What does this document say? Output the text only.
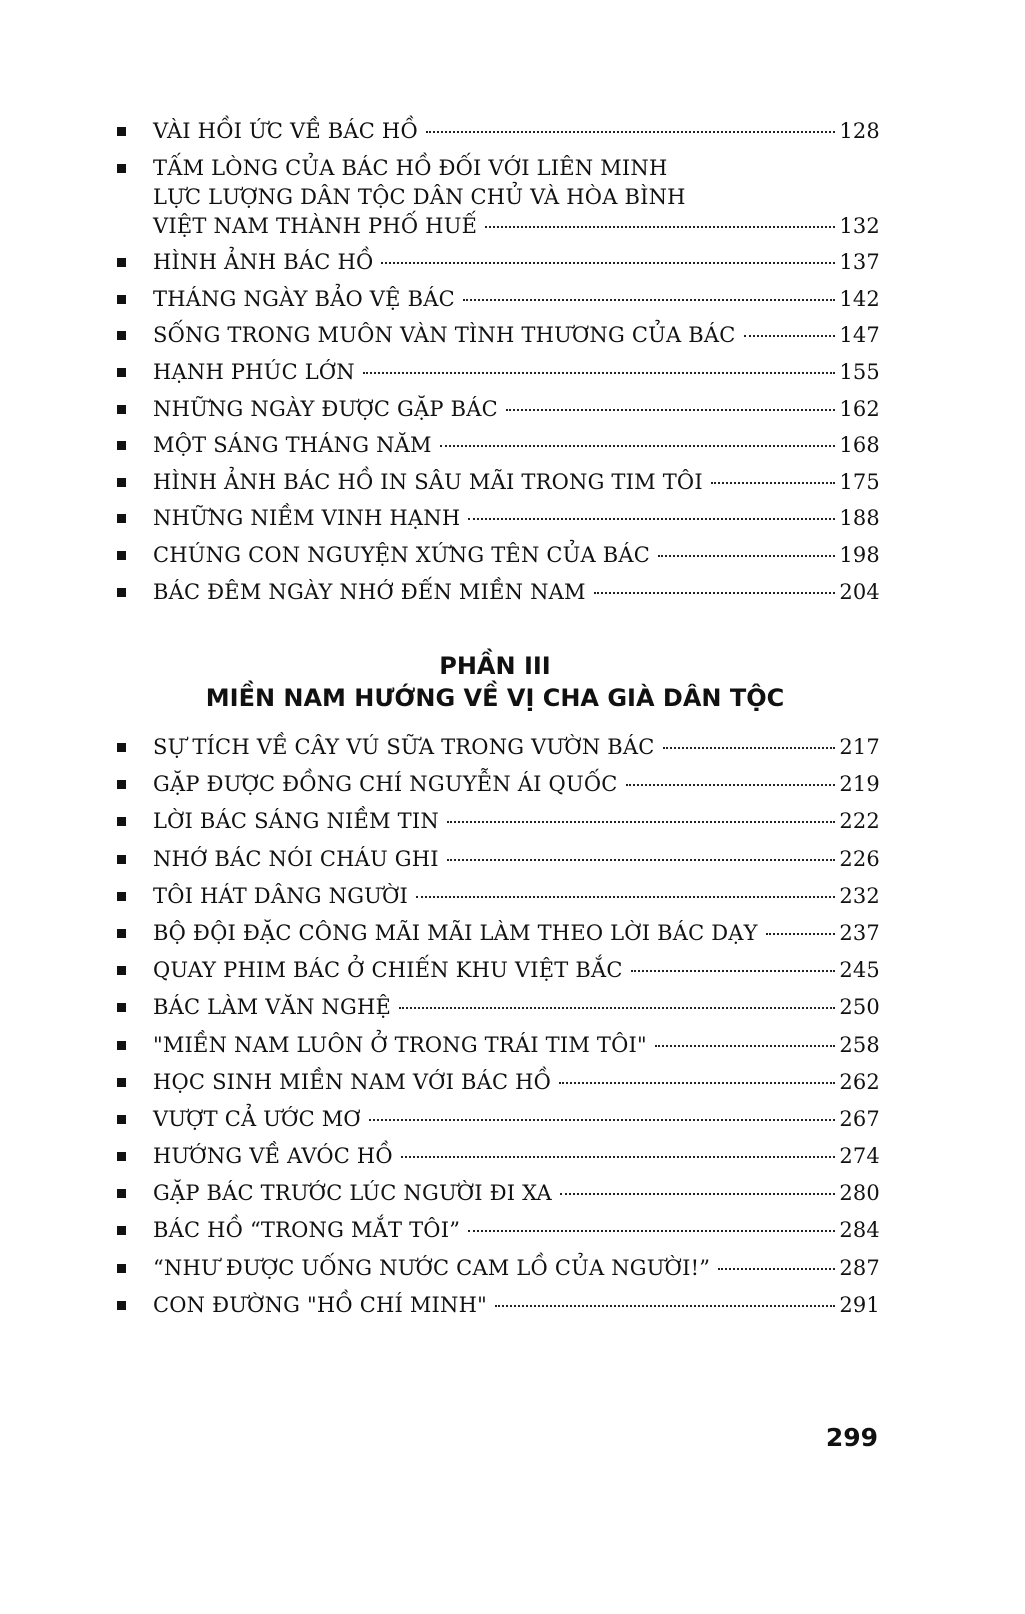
VÀI HỒI ỨC VỀ BÁC HỒ	128
TẤM LÒNG CỦA BÁC HỒ ĐỐI VỚI LIÊN MINH
LỰC LƯỢNG DÂN TỘC DÂN CHỦ VÀ HÒA BÌNH
VIỆT NAM THÀNH PHỐ HUẾ	132
HÌNH ẢNH BÁC HỒ	137
THÁNG NGÀY BẢO VỆ BÁC	142
SỐNG TRONG MUÔN VÀN TÌNH THƯƠNG CỦA BÁC	147
HẠNH PHÚC LỚN	155
NHỮNG NGÀY ĐƯỢC GẶP BÁC	162
MỘT SÁNG THÁNG NĂM	168
HÌNH ẢNH BÁC HỒ IN SÂU MÃI TRONG TIM TÔI	175
NHỮNG NIỀM VINH HẠNH	188
CHÚNG CON NGUYỆN XỨNG TÊN CỦA BÁC	198
BÁC ĐÊM NGÀY NHỚ ĐẾN MIỀN NAM	204
PHẦN III
MIỀN NAM HƯỚNG VỀ VỊ CHA GIÀ DÂN TỘC
SỰ TÍCH VỀ CÂY VÚ SỮA TRONG VƯỜN BÁC	217
GẶP ĐƯỢC ĐỒNG CHÍ NGUYỄN ÁI QUỐC	219
LỜI BÁC SÁNG NIỀM TIN	222
NHỚ BÁC NÓI CHÁU GHI	226
TÔI HÁT DÂNG NGƯỜI	232
BỘ ĐỘI ĐẶC CÔNG MÃI MÃI LÀM THEO LỜI BÁC DẠY	237
QUAY PHIM BÁC Ở CHIẾN KHU VIỆT BẮC	245
BÁC LÀM VĂN NGHỆ	250
"MIỀN NAM LUÔN Ở TRONG TRÁI TIM TÔI"	258
HỌC SINH MIỀN NAM VỚI BÁC HỒ	262
VƯỢT CẢ ƯỚC MƠ	267
HƯỚNG VỀ AVÓC HỒ	274
GẶP BÁC TRƯỚC LÚC NGƯỜI ĐI XA	280
BÁC HỒ “TRONG MẮT TÔI”	284
“NHƯ ĐƯỢC UỐNG NƯỚC CAM LỒ CỦA NGƯỜI!”	287
CON ĐƯỜNG "HỒ CHÍ MINH"	291
299
